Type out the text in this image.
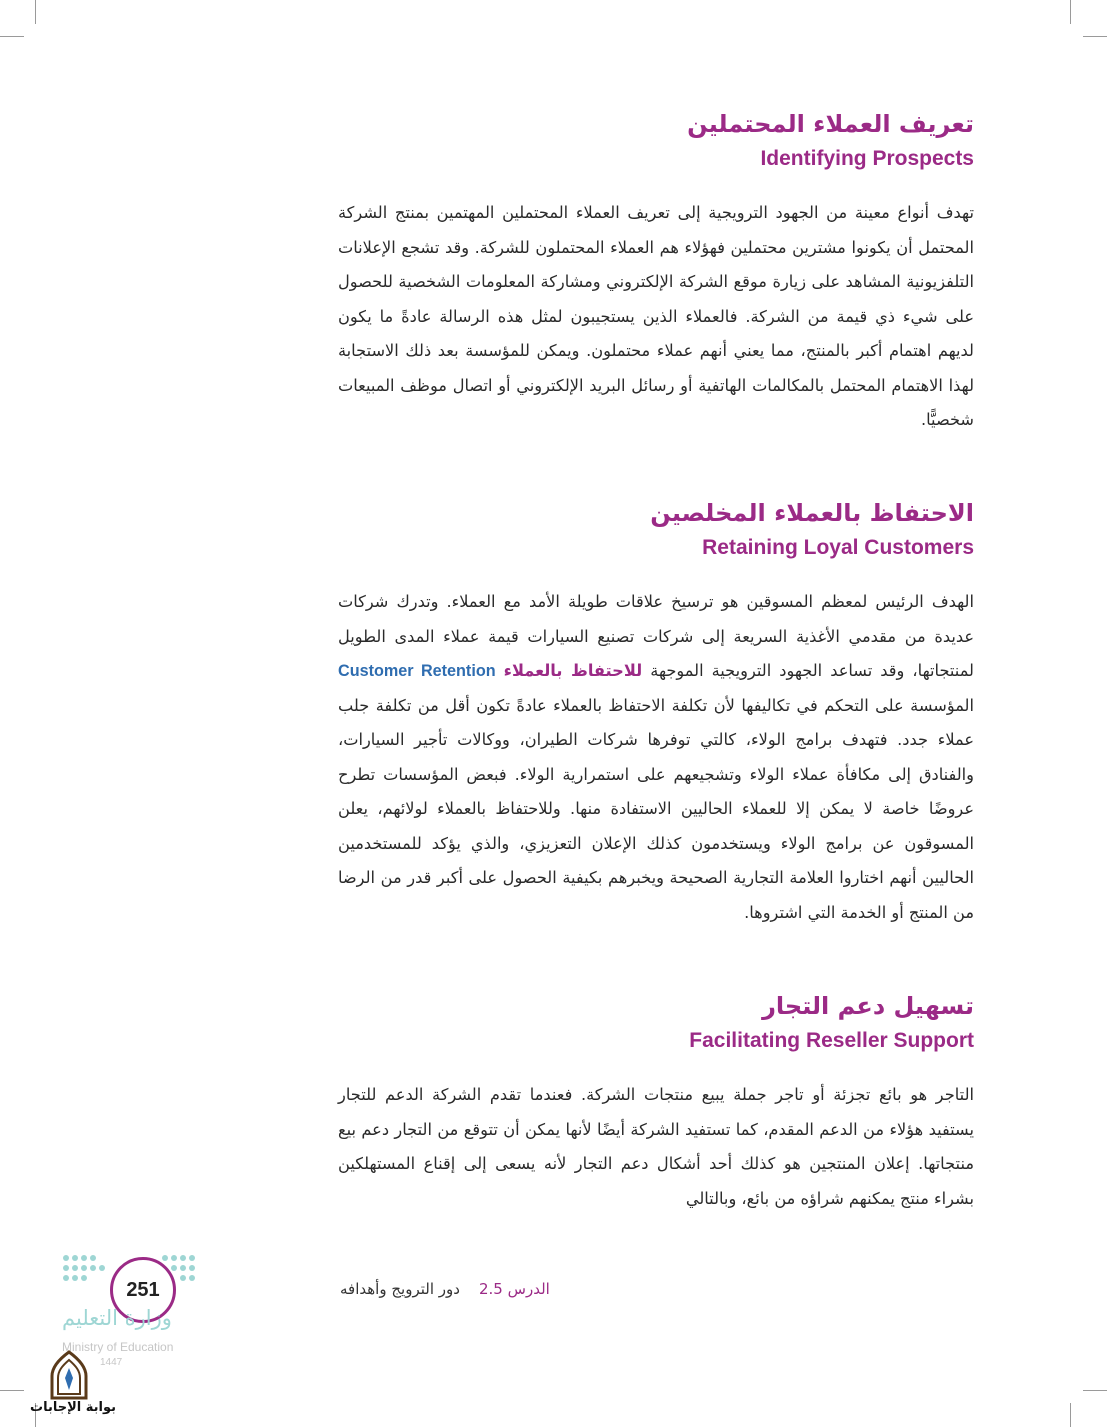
تعريف العملاء المحتملين
Identifying Prospects

تهدف أنواع معينة من الجهود الترويجية إلى تعريف العملاء المحتملين المهتمين بمنتج الشركة المحتمل أن يكونوا مشترين محتملين فهؤلاء هم العملاء المحتملون للشركة. وقد تشجع الإعلانات التلفزيونية المشاهد على زيارة موقع الشركة الإلكتروني ومشاركة المعلومات الشخصية للحصول على شيء ذي قيمة من الشركة. فالعملاء الذين يستجيبون لمثل هذه الرسالة عادةً ما يكون لديهم اهتمام أكبر بالمنتج، مما يعني أنهم عملاء محتملون. ويمكن للمؤسسة بعد ذلك الاستجابة لهذا الاهتمام المحتمل بالمكالمات الهاتفية أو رسائل البريد الإلكتروني أو اتصال موظف المبيعات شخصيًّا.

الاحتفاظ بالعملاء المخلصين
Retaining Loyal Customers

الهدف الرئيس لمعظم المسوقين هو ترسيخ علاقات طويلة الأمد مع العملاء. وتدرك شركات عديدة من مقدمي الأغذية السريعة إلى شركات تصنيع السيارات قيمة عملاء المدى الطويل لمنتجاتها، وقد تساعد الجهود الترويجية الموجهة للاحتفاظ بالعملاء Customer Retention المؤسسة على التحكم في تكاليفها لأن تكلفة الاحتفاظ بالعملاء عادةً تكون أقل من تكلفة جلب عملاء جدد. فتهدف برامج الولاء، كالتي توفرها شركات الطيران، ووكالات تأجير السيارات، والفنادق إلى مكافأة عملاء الولاء وتشجيعهم على استمرارية الولاء. فبعض المؤسسات تطرح عروضًا خاصة لا يمكن إلا للعملاء الحاليين الاستفادة منها. وللاحتفاظ بالعملاء لولائهم، يعلن المسوقون عن برامج الولاء ويستخدمون كذلك الإعلان التعزيزي، والذي يؤكد للمستخدمين الحاليين أنهم اختاروا العلامة التجارية الصحيحة ويخبرهم بكيفية الحصول على أكبر قدر من الرضا من المنتج أو الخدمة التي اشتروها.

تسهيل دعم التجار
Facilitating Reseller Support

التاجر هو بائع تجزئة أو تاجر جملة يبيع منتجات الشركة. فعندما تقدم الشركة الدعم للتجار يستفيد هؤلاء من الدعم المقدم، كما تستفيد الشركة أيضًا لأنها يمكن أن تتوقع من التجار دعم بيع منتجاتها. إعلان المنتجين هو كذلك أحد أشكال دعم التجار لأنه يسعى إلى إقناع المستهلكين بشراء منتج يمكنهم شراؤه من بائع، وبالتالي

الدرس 2.5    دور الترويج وأهدافه
251
وزارة التعليم
Ministry of Education
1447
بوابة الإجابات
